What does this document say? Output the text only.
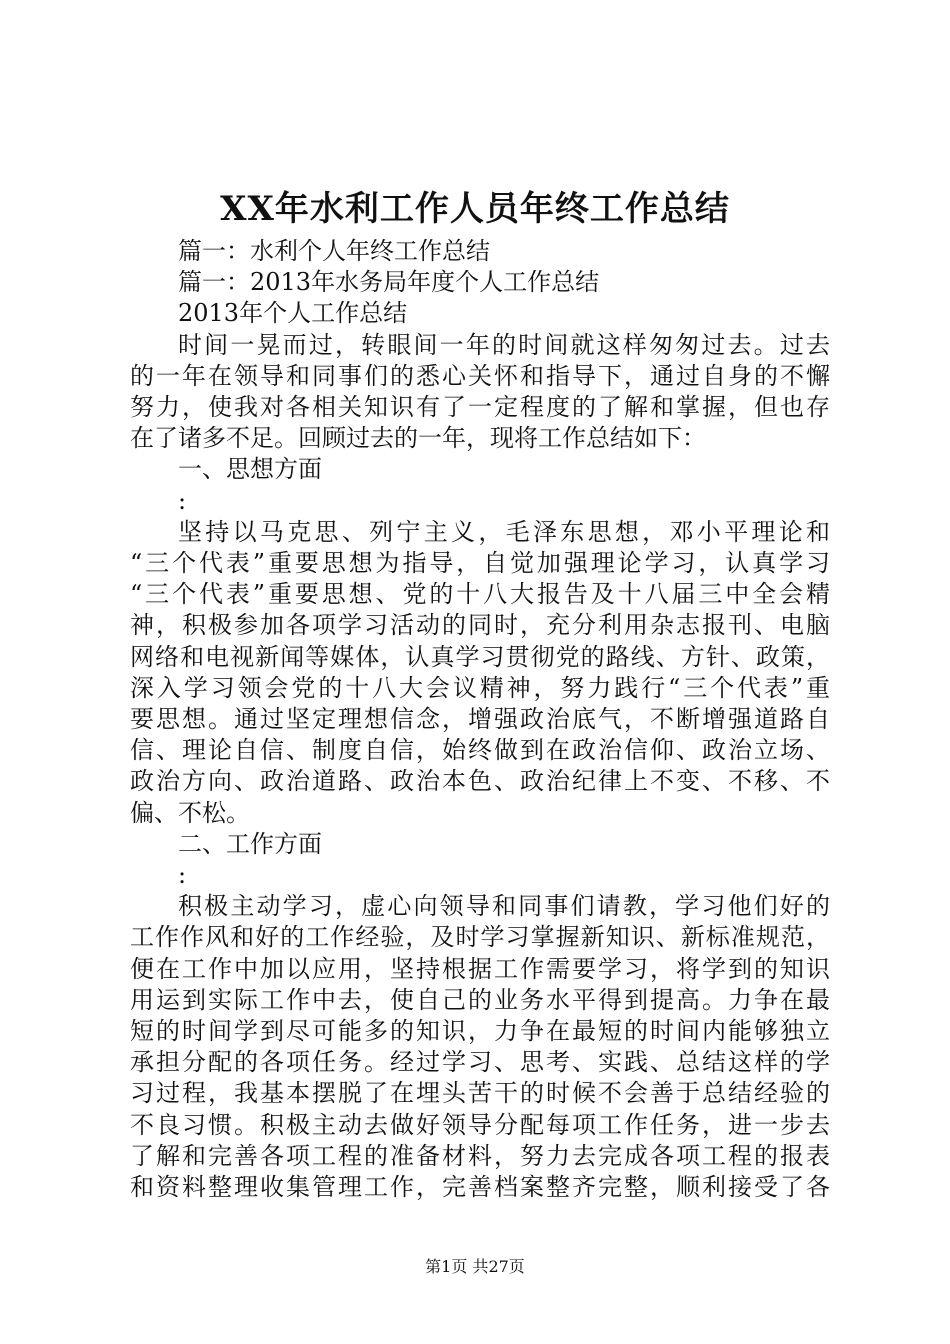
XX年水利工作人员年终工作总结
篇一：水利个人年终工作总结
篇一：2013年水务局年度个人工作总结
2013年个人工作总结
时间一晃而过，转眼间一年的时间就这样匆匆过去。过去
的一年在领导和同事们的悉心关怀和指导下，通过自身的不懈
努力，使我对各相关知识有了一定程度的了解和掌握，但也存
在了诸多不足。回顾过去的一年，现将工作总结如下：
一、思想方面
:
坚持以马克思、列宁主义，毛泽东思想，邓小平理论和
“三个代表”重要思想为指导，自觉加强理论学习，认真学习
“三个代表”重要思想、党的十八大报告及十八届三中全会精
神，积极参加各项学习活动的同时，充分利用杂志报刊、电脑
网络和电视新闻等媒体，认真学习贯彻党的路线、方针、政策，
深入学习领会党的十八大会议精神，努力践行“三个代表”重
要思想。通过坚定理想信念，增强政治底气，不断增强道路自
信、理论自信、制度自信，始终做到在政治信仰、政治立场、
政治方向、政治道路、政治本色、政治纪律上不变、不移、不
偏、不松。
二、工作方面
:
积极主动学习，虚心向领导和同事们请教，学习他们好的
工作作风和好的工作经验，及时学习掌握新知识、新标准规范，
便在工作中加以应用，坚持根据工作需要学习，将学到的知识
用运到实际工作中去，使自己的业务水平得到提高。力争在最
短的时间学到尽可能多的知识，力争在最短的时间内能够独立
承担分配的各项任务。经过学习、思考、实践、总结这样的学
习过程，我基本摆脱了在埋头苦干的时候不会善于总结经验的
不良习惯。积极主动去做好领导分配每项工作任务，进一步去
了解和完善各项工程的准备材料，努力去完成各项工程的报表
和资料整理收集管理工作，完善档案整齐完整，顺利接受了各
第1页 共27页
